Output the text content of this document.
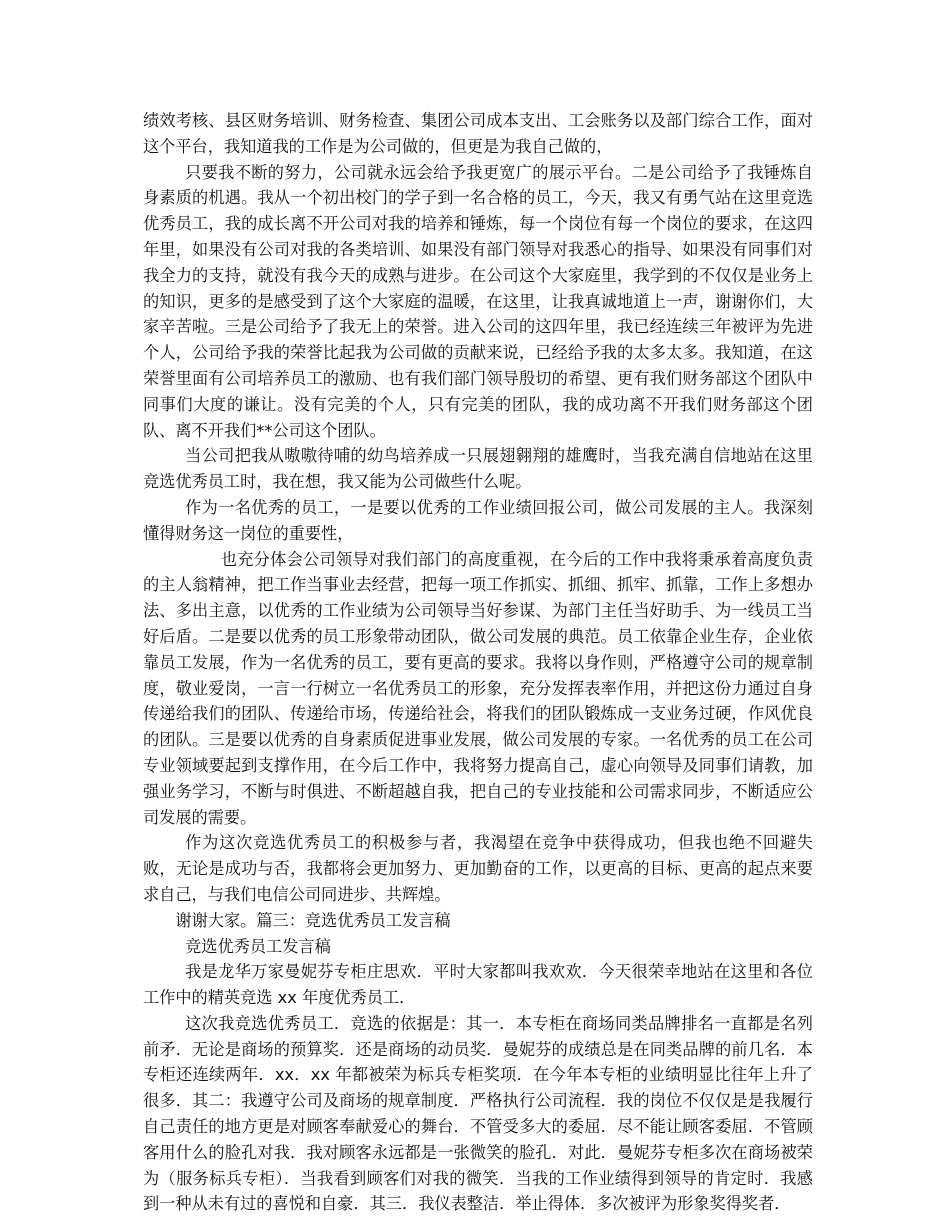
绩效考核、县区财务培训、财务检查、集团公司成本支出、工会账务以及部门综合工作，面对这个平台，我知道我的工作是为公司做的，但更是为我自己做的，

只要我不断的努力，公司就永远会给予我更宽广的展示平台。二是公司给予了我锤炼自身素质的机遇。我从一个初出校门的学子到一名合格的员工，今天，我又有勇气站在这里竞选优秀员工，我的成长离不开公司对我的培养和锤炼，每一个岗位有每一个岗位的要求，在这四年里，如果没有公司对我的各类培训、如果没有部门领导对我悉心的指导、如果没有同事们对我全力的支持，就没有我今天的成熟与进步。在公司这个大家庭里，我学到的不仅仅是业务上的知识，更多的是感受到了这个大家庭的温暖，在这里，让我真诚地道上一声，谢谢你们，大家辛苦啦。三是公司给予了我无上的荣誉。进入公司的这四年里，我已经连续三年被评为先进个人，公司给予我的荣誉比起我为公司做的贡献来说，已经给予我的太多太多。我知道，在这荣誉里面有公司培养员工的激励、也有我们部门领导殷切的希望、更有我们财务部这个团队中同事们大度的谦让。没有完美的个人，只有完美的团队，我的成功离不开我们财务部这个团队、离不开我们**公司这个团队。

当公司把我从嗷嗷待哺的幼鸟培养成一只展翅翱翔的雄鹰时，当我充满自信地站在这里竞选优秀员工时，我在想，我又能为公司做些什么呢。

作为一名优秀的员工，一是要以优秀的工作业绩回报公司，做公司发展的主人。我深刻懂得财务这一岗位的重要性，

也充分体会公司领导对我们部门的高度重视，在今后的工作中我将秉承着高度负责的主人翁精神，把工作当事业去经营，把每一项工作抓实、抓细、抓牢、抓靠，工作上多想办法、多出主意，以优秀的工作业绩为公司领导当好参谋、为部门主任当好助手、为一线员工当好后盾。二是要以优秀的员工形象带动团队，做公司发展的典范。员工依靠企业生存，企业依靠员工发展，作为一名优秀的员工，要有更高的要求。我将以身作则，严格遵守公司的规章制度，敬业爱岗，一言一行树立一名优秀员工的形象，充分发挥表率作用，并把这份力通过自身传递给我们的团队、传递给市场，传递给社会，将我们的团队锻炼成一支业务过硬，作风优良的团队。三是要以优秀的自身素质促进事业发展，做公司发展的专家。一名优秀的员工在公司专业领域要起到支撑作用，在今后工作中，我将努力提高自己，虚心向领导及同事们请教，加强业务学习，不断与时俱进、不断超越自我，把自己的专业技能和公司需求同步，不断适应公司发展的需要。

作为这次竞选优秀员工的积极参与者，我渴望在竞争中获得成功，但我也绝不回避失败，无论是成功与否，我都将会更加努力、更加勤奋的工作，以更高的目标、更高的起点来要求自己，与我们电信公司同进步、共辉煌。

谢谢大家。篇三：竞选优秀员工发言稿

竞选优秀员工发言稿

我是龙华万家曼妮芬专柜庄思欢．平时大家都叫我欢欢．今天很荣幸地站在这里和各位工作中的精英竞选 xx 年度优秀员工．

这次我竞选优秀员工．竞选的依据是：其一．本专柜在商场同类品牌排名一直都是名列前矛．无论是商场的预算奖．还是商场的动员奖．曼妮芬的成绩总是在同类品牌的前几名．本专柜还连续两年．xx．xx 年都被荣为标兵专柜奖项．在今年本专柜的业绩明显比往年上升了很多．其二：我遵守公司及商场的规章制度．严格执行公司流程．我的岗位不仅仅是是我履行自己责任的地方更是对顾客奉献爱心的舞台．不管受多大的委屈．尽不能让顾客委屈．不管顾客用什么的脸孔对我．我对顾客永远都是一张微笑的脸孔．对此．曼妮芬专柜多次在商场被荣为（服务标兵专柜）．当我看到顾客们对我的微笑．当我的工作业绩得到领导的肯定时．我感到一种从未有过的喜悦和自豪．其三．我仪表整洁．举止得体．多次被评为形象奖得奖者．
